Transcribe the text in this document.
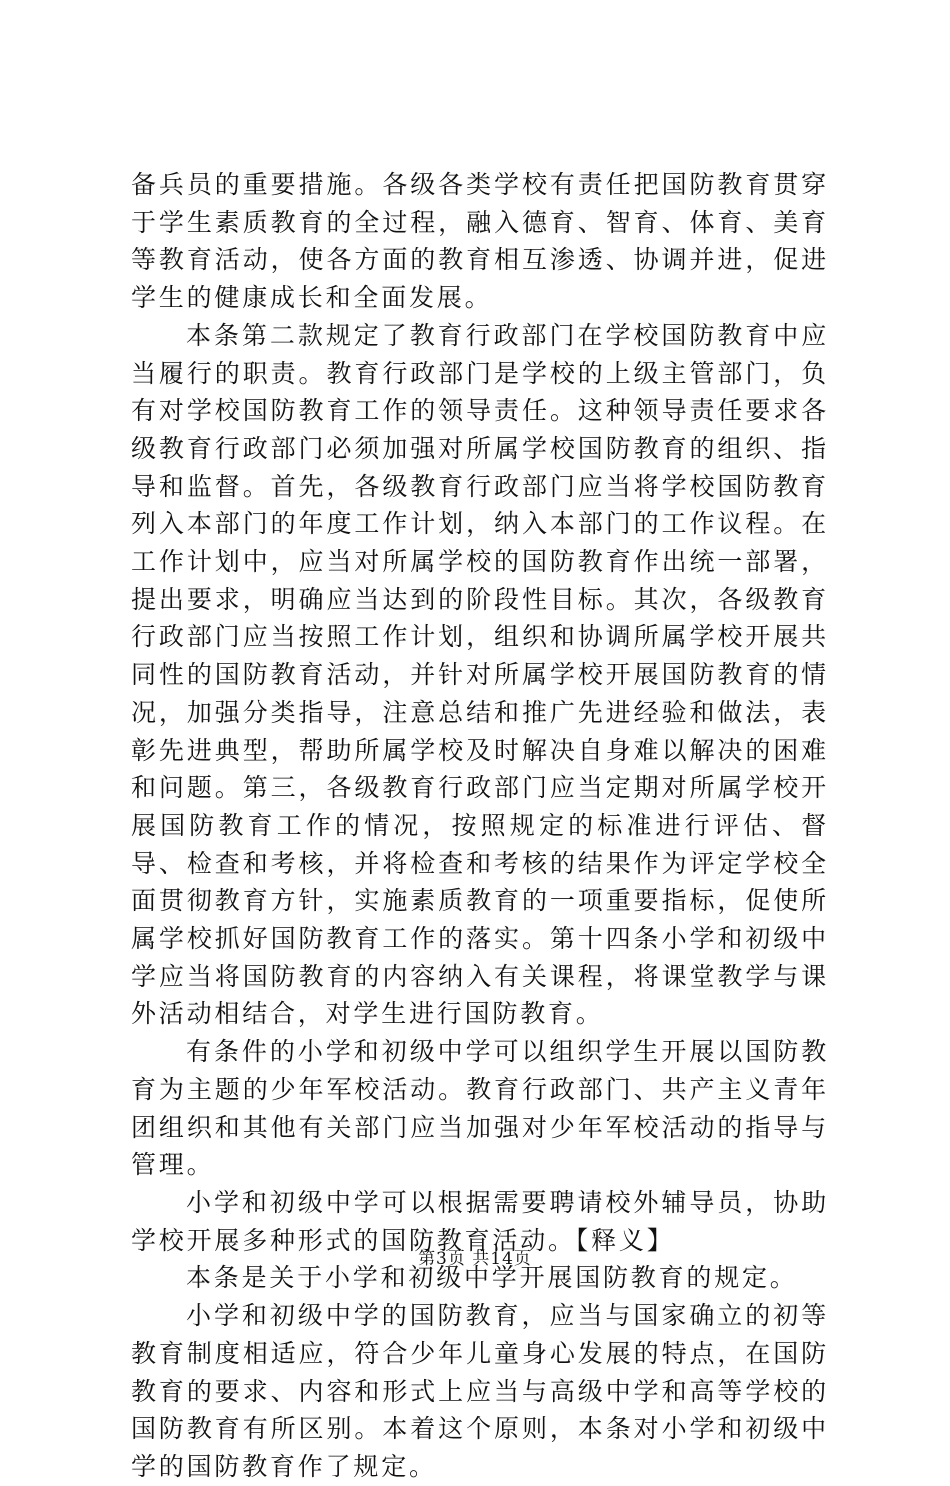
备兵员的重要措施。各级各类学校有责任把国防教育贯穿于学生素质教育的全过程，融入德育、智育、体育、美育等教育活动，使各方面的教育相互渗透、协调并进，促进学生的健康成长和全面发展。

本条第二款规定了教育行政部门在学校国防教育中应当履行的职责。教育行政部门是学校的上级主管部门，负有对学校国防教育工作的领导责任。这种领导责任要求各级教育行政部门必须加强对所属学校国防教育的组织、指导和监督。首先，各级教育行政部门应当将学校国防教育列入本部门的年度工作计划，纳入本部门的工作议程。在工作计划中，应当对所属学校的国防教育作出统一部署，提出要求，明确应当达到的阶段性目标。其次，各级教育行政部门应当按照工作计划，组织和协调所属学校开展共同性的国防教育活动，并针对所属学校开展国防教育的情况，加强分类指导，注意总结和推广先进经验和做法，表彰先进典型，帮助所属学校及时解决自身难以解决的困难和问题。第三，各级教育行政部门应当定期对所属学校开展国防教育工作的情况，按照规定的标准进行评估、督导、检查和考核，并将检查和考核的结果作为评定学校全面贯彻教育方针，实施素质教育的一项重要指标，促使所属学校抓好国防教育工作的落实。第十四条小学和初级中学应当将国防教育的内容纳入有关课程，将课堂教学与课外活动相结合，对学生进行国防教育。

有条件的小学和初级中学可以组织学生开展以国防教育为主题的少年军校活动。教育行政部门、共产主义青年团组织和其他有关部门应当加强对少年军校活动的指导与管理。

小学和初级中学可以根据需要聘请校外辅导员，协助学校开展多种形式的国防教育活动。【释义】

本条是关于小学和初级中学开展国防教育的规定。

小学和初级中学的国防教育，应当与国家确立的初等教育制度相适应，符合少年儿童身心发展的特点，在国防教育的要求、内容和形式上应当与高级中学和高等学校的国防教育有所区别。本着这个原则，本条对小学和初级中学的国防教育作了规定。

第3页 共14页
